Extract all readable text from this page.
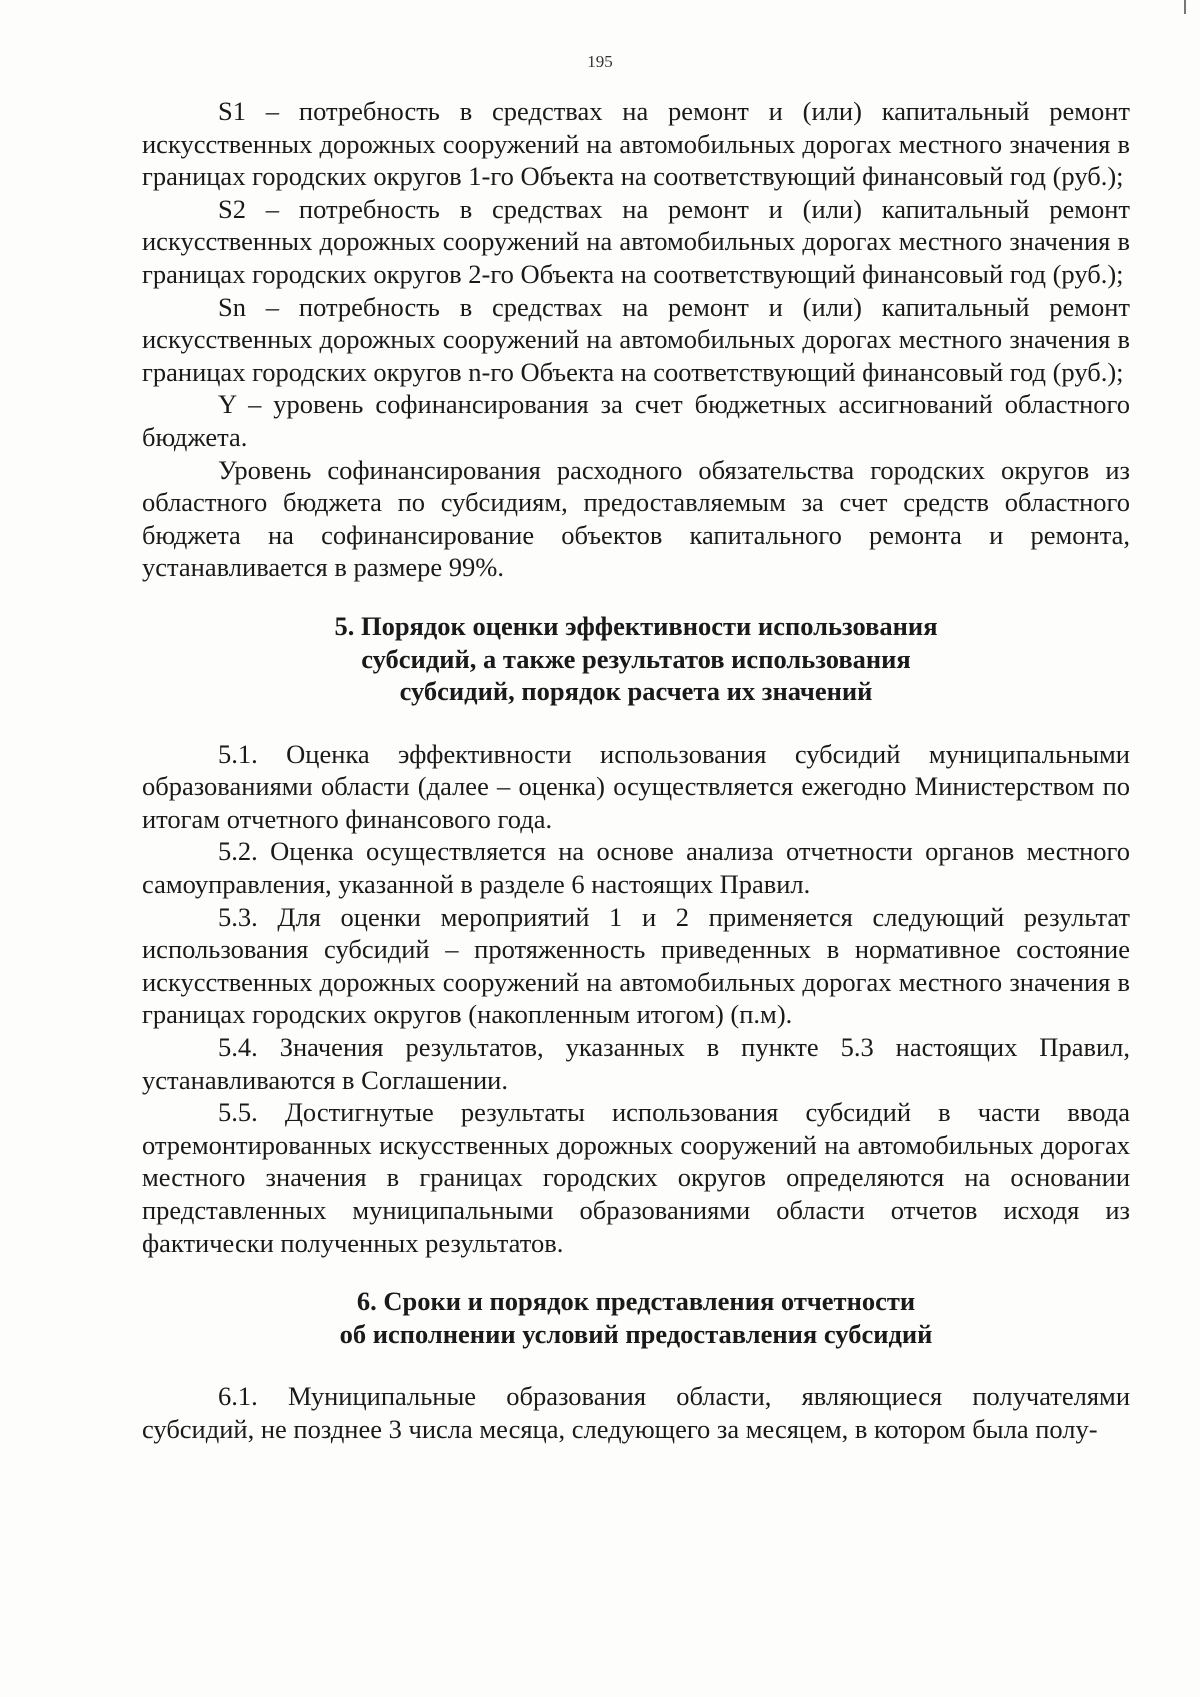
195

S1 – потребность в средствах на ремонт и (или) капитальный ремонт искусственных дорожных сооружений на автомобильных дорогах местного значения в границах городских округов 1-го Объекта на соответствующий финансовый год (руб.);

S2 – потребность в средствах на ремонт и (или) капитальный ремонт искусственных дорожных сооружений на автомобильных дорогах местного значения в границах городских округов 2-го Объекта на соответствующий финансовый год (руб.);

Sn – потребность в средствах на ремонт и (или) капитальный ремонт искусственных дорожных сооружений на автомобильных дорогах местного значения в границах городских округов n-го Объекта на соответствующий финансовый год (руб.);

Y – уровень софинансирования за счет бюджетных ассигнований областного бюджета.

Уровень софинансирования расходного обязательства городских округов из областного бюджета по субсидиям, предоставляемым за счет средств областного бюджета на софинансирование объектов капитального ремонта и ремонта, устанавливается в размере 99%.

5. Порядок оценки эффективности использования
субсидий, а также результатов использования
субсидий, порядок расчета их значений

5.1. Оценка эффективности использования субсидий муниципальными образованиями области (далее – оценка) осуществляется ежегодно Министерством по итогам отчетного финансового года.

5.2. Оценка осуществляется на основе анализа отчетности органов местного самоуправления, указанной в разделе 6 настоящих Правил.

5.3. Для оценки мероприятий 1 и 2 применяется следующий результат использования субсидий – протяженность приведенных в нормативное состояние искусственных дорожных сооружений на автомобильных дорогах местного значения в границах городских округов (накопленным итогом) (п.м).

5.4. Значения результатов, указанных в пункте 5.3 настоящих Правил, устанавливаются в Соглашении.

5.5. Достигнутые результаты использования субсидий в части ввода отремонтированных искусственных дорожных сооружений на автомобильных дорогах местного значения в границах городских округов определяются на основании представленных муниципальными образованиями области отчетов исходя из фактически полученных результатов.

6. Сроки и порядок представления отчетности
об исполнении условий предоставления субсидий

6.1. Муниципальные образования области, являющиеся получателями субсидий, не позднее 3 числа месяца, следующего за месяцем, в котором была полу-
